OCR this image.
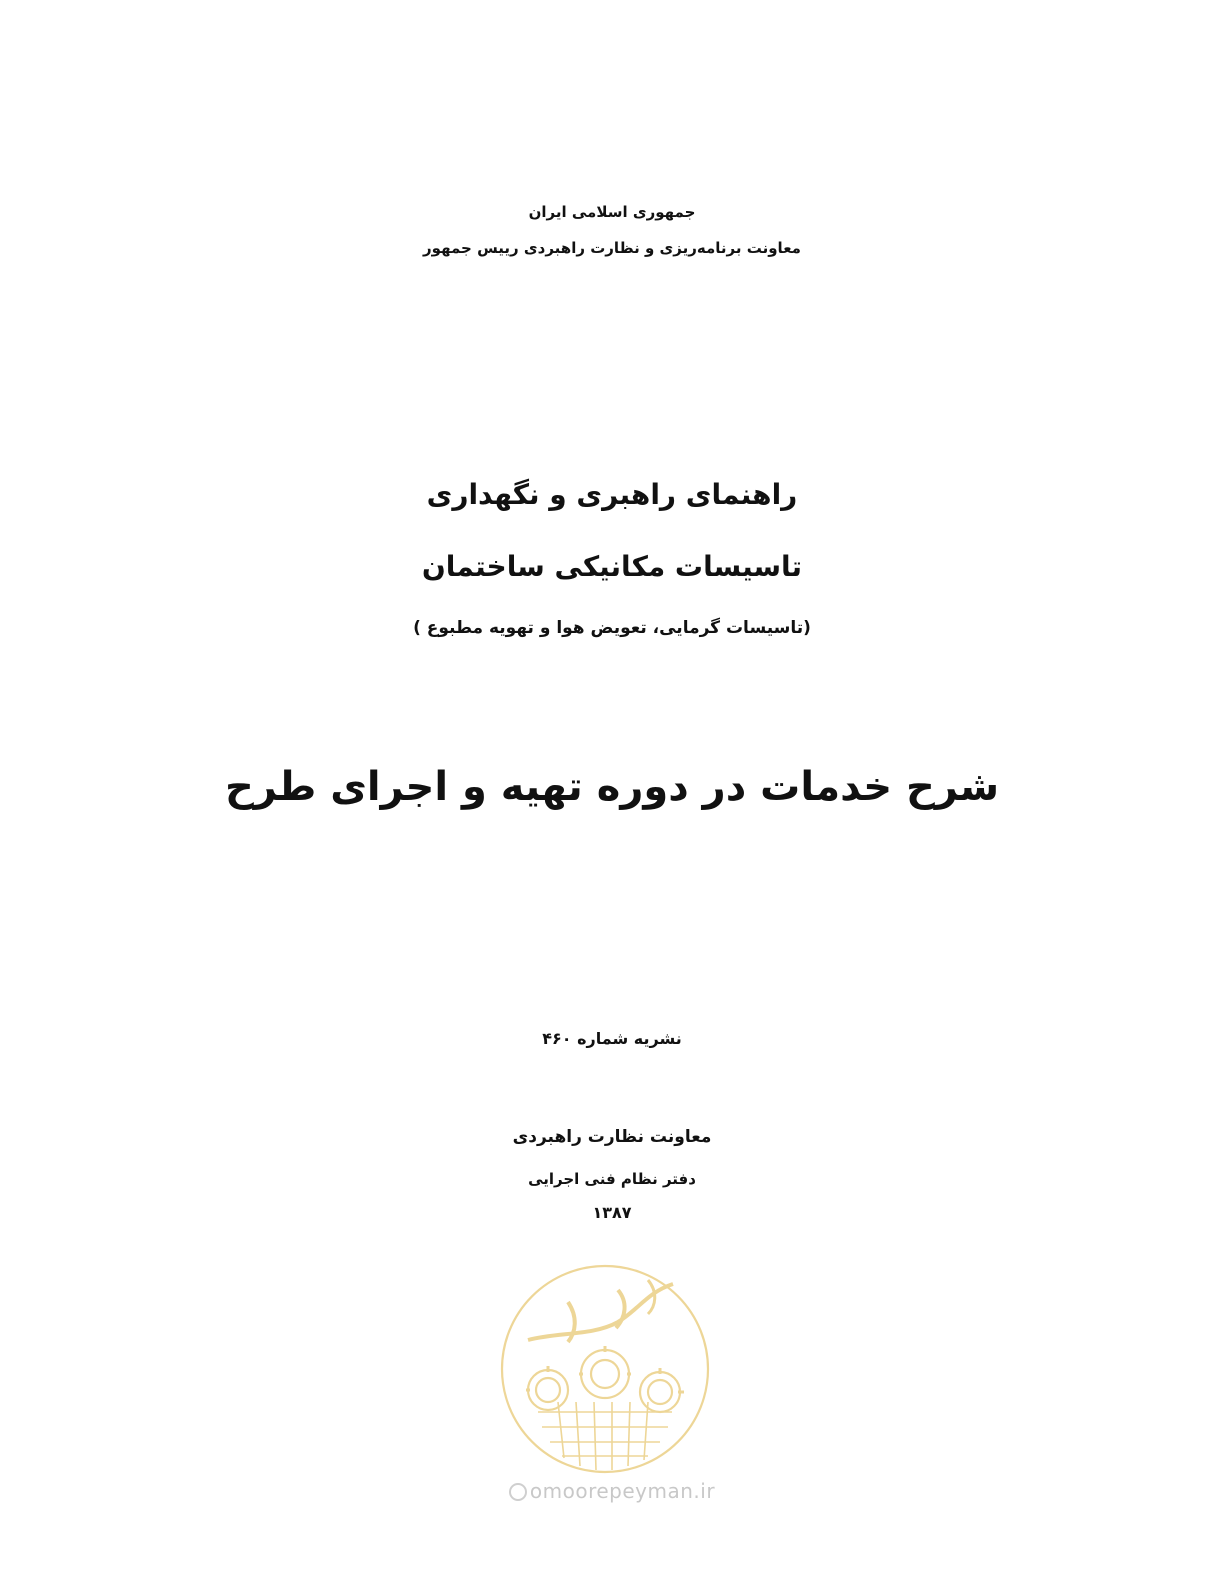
جمهوری اسلامی ایران
معاونت برنامه‌ریزی و نظارت راهبردی رییس جمهور
راهنمای راهبری و نگهداری
تاسیسات مکانیکی ساختمان
(تاسیسات گرمایی، تعویض هوا و تهویه مطبوع )
شرح خدمات در دوره تهیه و اجرای طرح
نشریه شماره ۴۶۰
معاونت نظارت راهبردی
دفتر نظام فنی اجرایی
۱۳۸۷
omoorepeyman.ir
